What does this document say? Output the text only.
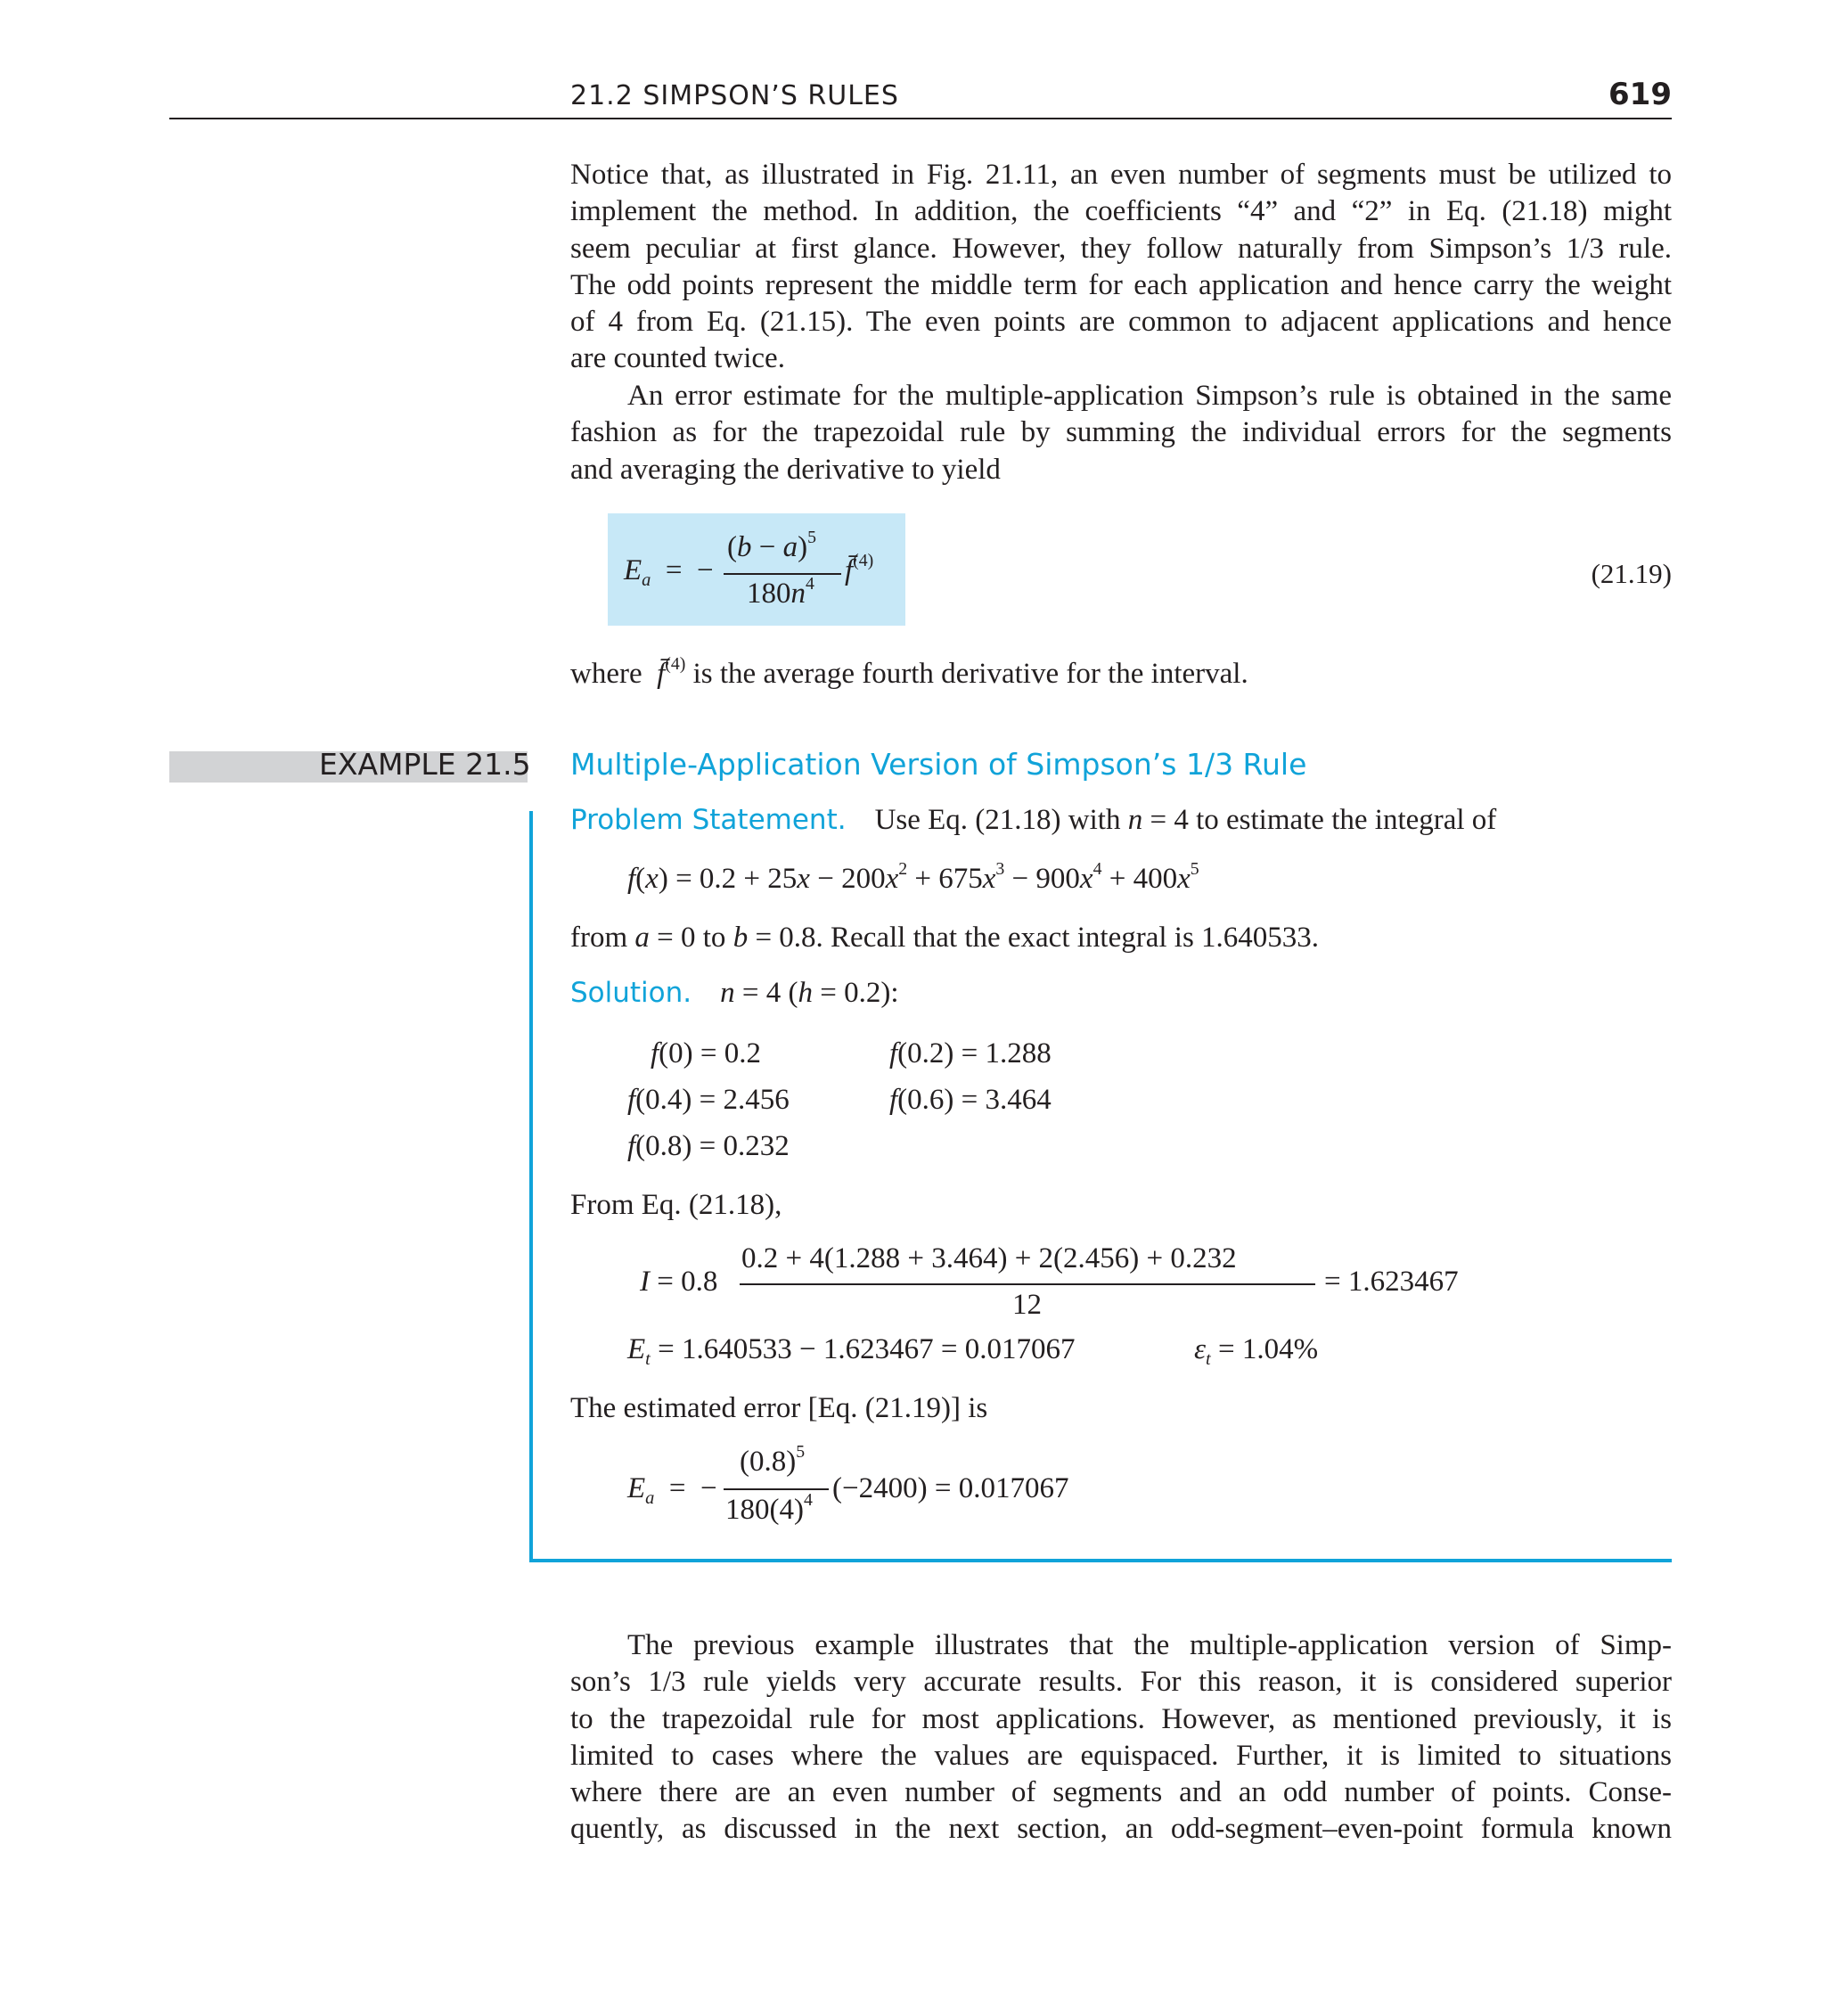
21.2 SIMPSON’S RULES	619
Notice that, as illustrated in Fig. 21.11, an even number of segments must be utilized to
implement the method. In addition, the coefficients “4” and “2” in Eq. (21.18) might
seem peculiar at first glance. However, they follow naturally from Simpson’s 1/3 rule.
The odd points represent the middle term for each application and hence carry the weight
of 4 from Eq. (21.15). The even points are common to adjacent applications and hence
are counted twice.
An error estimate for the multiple-application Simpson’s rule is obtained in the same
fashion as for the trapezoidal rule by summing the individual errors for the segments
and averaging the derivative to yield
$E_a$  =  −
$(b - a)^5$
$180n^4$ f̄$^{(4)}$	(21.19)
where f̄$^{(4)}$ is the average fourth derivative for the interval.
EXAMPLE 21.5 Multiple-Application Version of Simpson’s 1/3 Rule
Problem Statement. Use Eq. (21.18) with n = 4 to estimate the integral of
$f(x) = 0.2 + 25x - 200x^2 + 675x^3 - 900x^4 + 400x^5$
from a = 0 to b = 0.8. Recall that the exact integral is 1.640533.
Solution. n = 4 (h = 0.2):
f(0) = 0.2	f(0.2) = 1.288
f(0.4) = 2.456	f(0.6) = 3.464
f(0.8) = 0.232
From Eq. (21.18),
I = 0.8
0.2 + 4(1.288 + 3.464) + 2(2.456) + 0.232
12
= 1.623467
$E_t = 1.640533 - 1.623467 = 0.017067$	$\varepsilon_t = 1.04\%$
The estimated error [Eq. (21.19)] is
$E_a$  =  −
$(0.8)^5$
$180(4)^4$ (−2400) = 0.017067
The previous example illustrates that the multiple-application version of Simp-
son’s 1/3 rule yields very accurate results. For this reason, it is considered superior
to the trapezoidal rule for most applications. However, as mentioned previously, it is
limited to cases where the values are equispaced. Further, it is limited to situations
where there are an even number of segments and an odd number of points. Conse-
quently, as discussed in the next section, an odd-segment–even-point formula known
